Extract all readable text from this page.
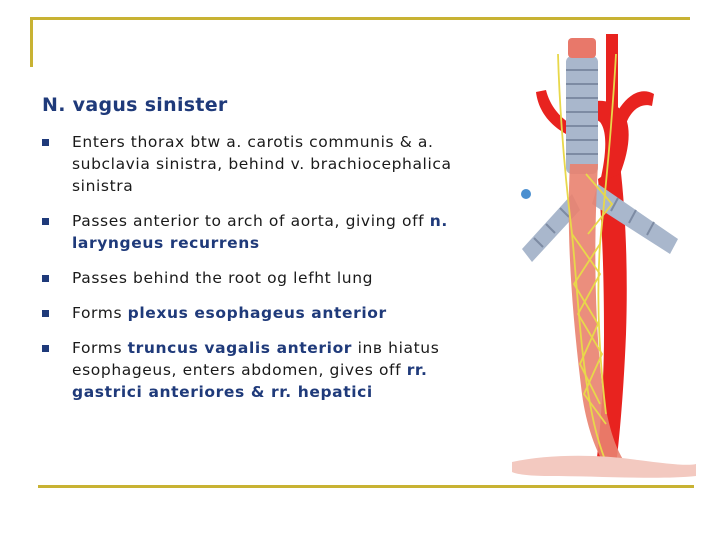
N. vagus sinister
Enters thorax btw a. carotis communis & a. subclavia sinistra, behind v. brachiocephalica sinistra
Passes anterior to arch of aorta, giving off n. laryngeus recurrens
Passes behind the root og lefht lung
Forms plexus esophageus anterior
Forms truncus vagalis anterior inв hiatus esophageus, enters abdomen, gives off rr. gastrici anteriores & rr. hepatici
